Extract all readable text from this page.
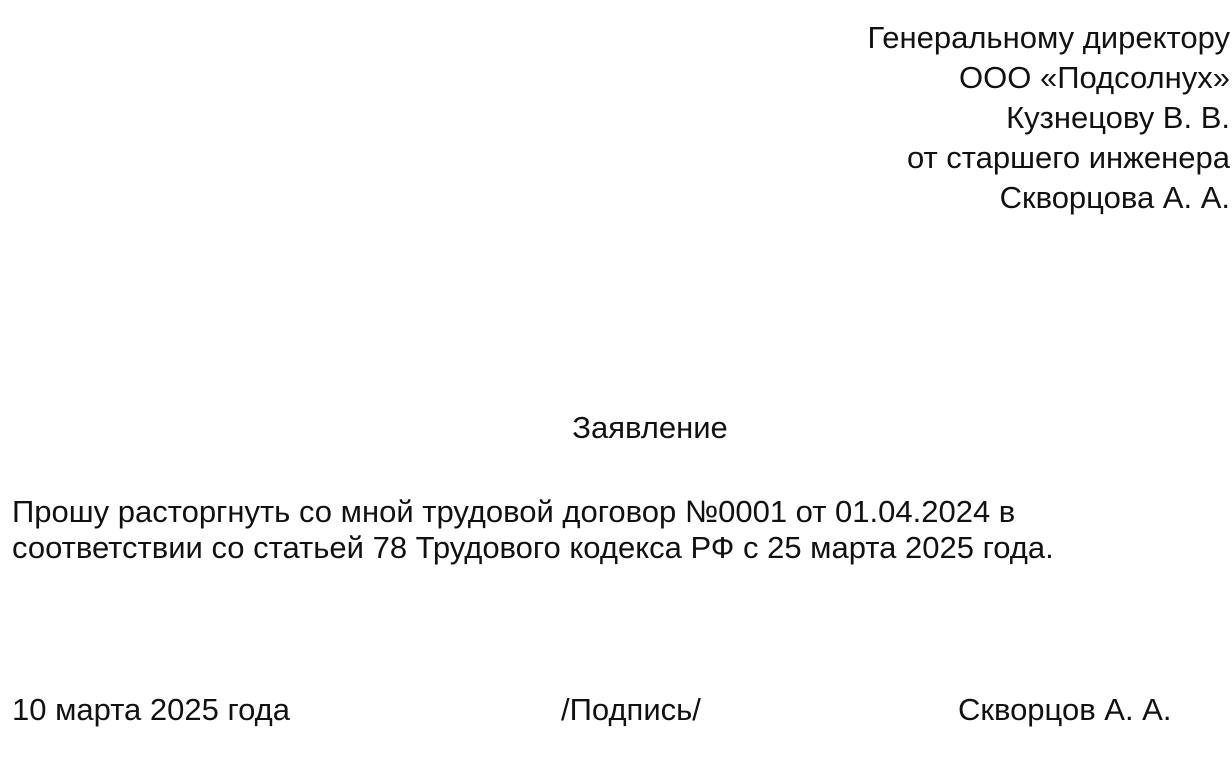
Генеральному директору
ООО «Подсолнух»
Кузнецову В. В.
от старшего инженера
Скворцова А. А.
Заявление
Прошу расторгнуть со мной трудовой договор №0001 от 01.04.2024 в
соответствии со статьей 78 Трудового кодекса РФ с 25 марта 2025 года.
10 марта 2025 года	/Подпись/	Скворцов А. А.
